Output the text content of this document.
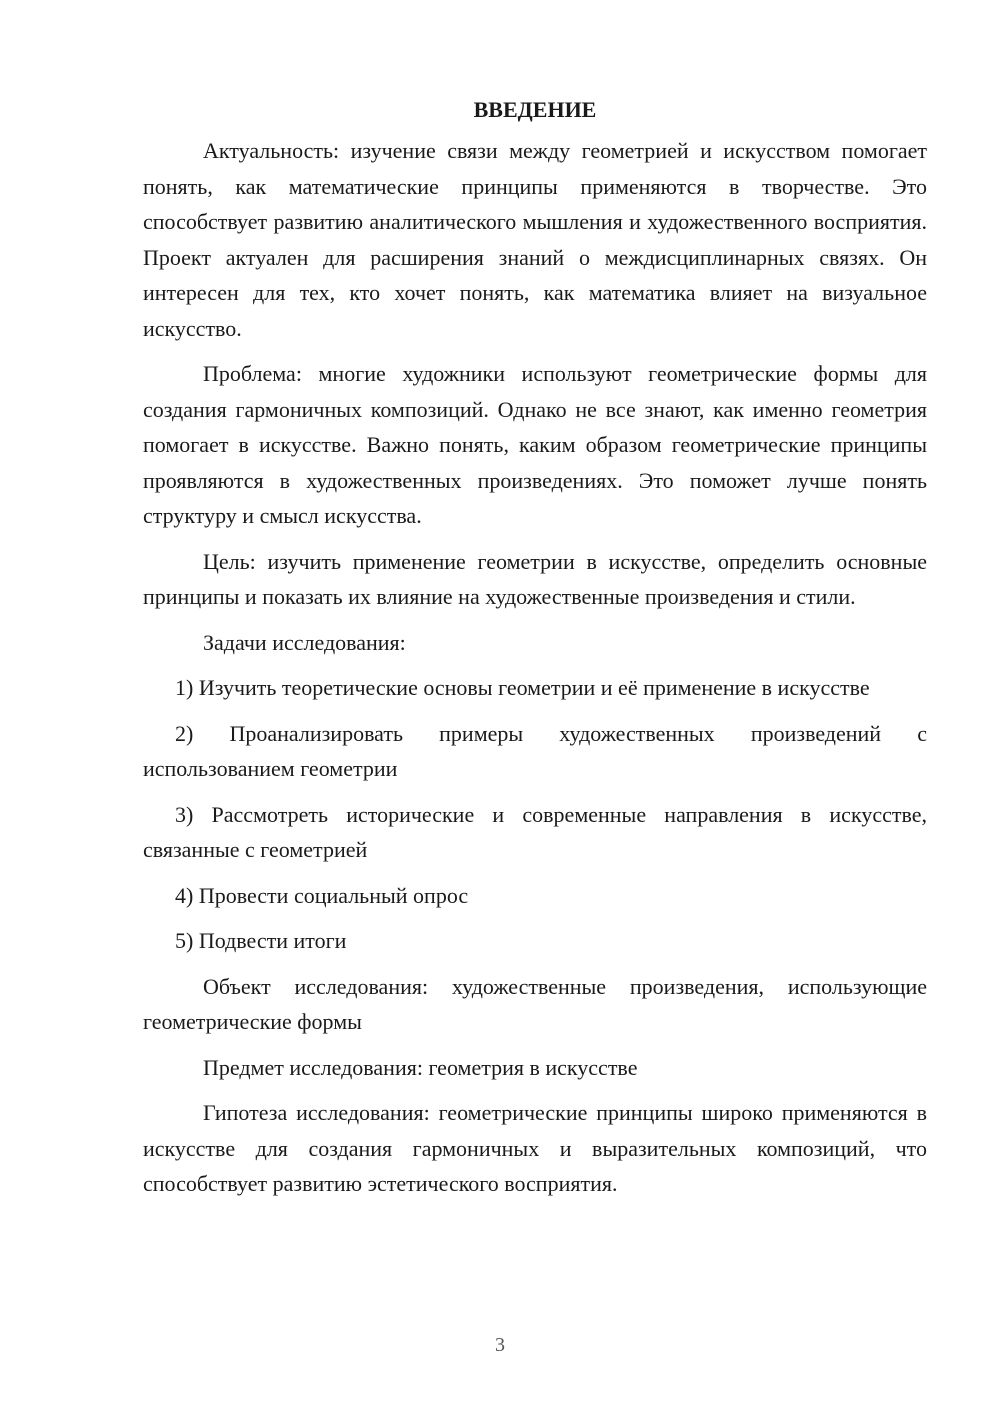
ВВЕДЕНИЕ

Актуальность: изучение связи между геометрией и искусством помогает понять, как математические принципы применяются в творчестве. Это способствует развитию аналитического мышления и художественного восприятия. Проект актуален для расширения знаний о междисциплинарных связях. Он интересен для тех, кто хочет понять, как математика влияет на визуальное искусство.

Проблема: многие художники используют геометрические формы для создания гармоничных композиций. Однако не все знают, как именно геометрия помогает в искусстве. Важно понять, каким образом геометрические принципы проявляются в художественных произведениях. Это поможет лучше понять структуру и смысл искусства.

Цель: изучить применение геометрии в искусстве, определить основные принципы и показать их влияние на художественные произведения и стили.

Задачи исследования:

1) Изучить теоретические основы геометрии и её применение в искусстве

2) Проанализировать примеры художественных произведений с использованием геометрии

3) Рассмотреть исторические и современные направления в искусстве, связанные с геометрией

4) Провести социальный опрос

5) Подвести итоги

Объект исследования: художественные произведения, использующие геометрические формы

Предмет исследования: геометрия в искусстве

Гипотеза исследования: геометрические принципы широко применяются в искусстве для создания гармоничных и выразительных композиций, что способствует развитию эстетического восприятия.

3
